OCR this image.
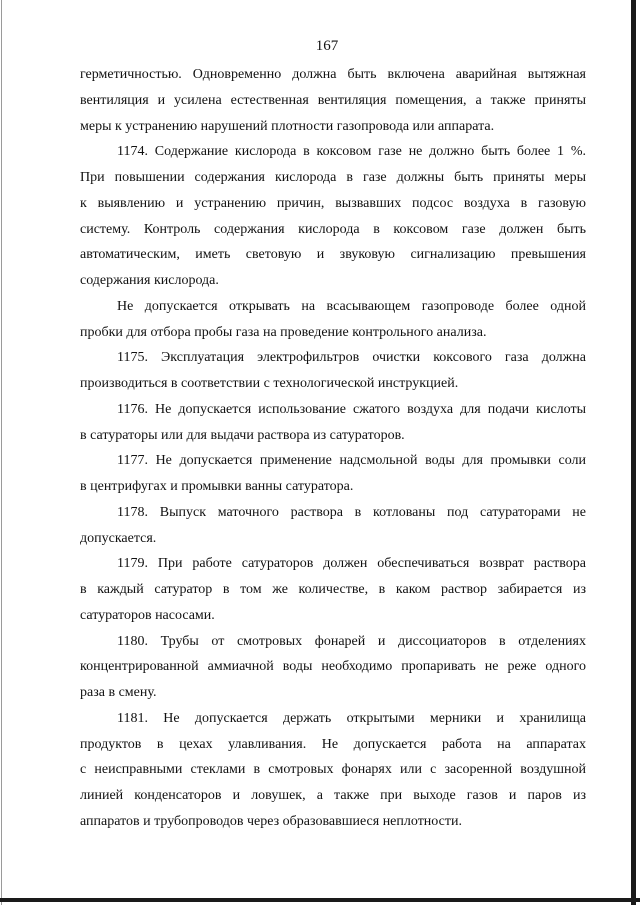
167
герметичностью. Одновременно должна быть включена аварийная вытяжная
вентиляция и усилена естественная вентиляция помещения, а также приняты
меры к устранению нарушений плотности газопровода или аппарата.
1174. Содержание кислорода в коксовом газе не должно быть более 1 %.
При повышении содержания кислорода в газе должны быть приняты меры
к выявлению и устранению причин, вызвавших подсос воздуха в газовую
систему. Контроль содержания кислорода в коксовом газе должен быть
автоматическим, иметь световую и звуковую сигнализацию превышения
содержания кислорода.
Не допускается открывать на всасывающем газопроводе более одной
пробки для отбора пробы газа на проведение контрольного анализа.
1175. Эксплуатация электрофильтров очистки коксового газа должна
производиться в соответствии с технологической инструкцией.
1176. Не допускается использование сжатого воздуха для подачи кислоты
в сатураторы или для выдачи раствора из сатураторов.
1177. Не допускается применение надсмольной воды для промывки соли
в центрифугах и промывки ванны сатуратора.
1178. Выпуск маточного раствора в котлованы под сатураторами не
допускается.
1179. При работе сатураторов должен обеспечиваться возврат раствора
в каждый сатуратор в том же количестве, в каком раствор забирается из
сатураторов насосами.
1180. Трубы от смотровых фонарей и диссоциаторов в отделениях
концентрированной аммиачной воды необходимо пропаривать не реже одного
раза в смену.
1181. Не допускается держать открытыми мерники и хранилища
продуктов в цехах улавливания. Не допускается работа на аппаратах
с неисправными стеклами в смотровых фонарях или с засоренной воздушной
линией конденсаторов и ловушек, а также при выходе газов и паров из
аппаратов и трубопроводов через образовавшиеся неплотности.
